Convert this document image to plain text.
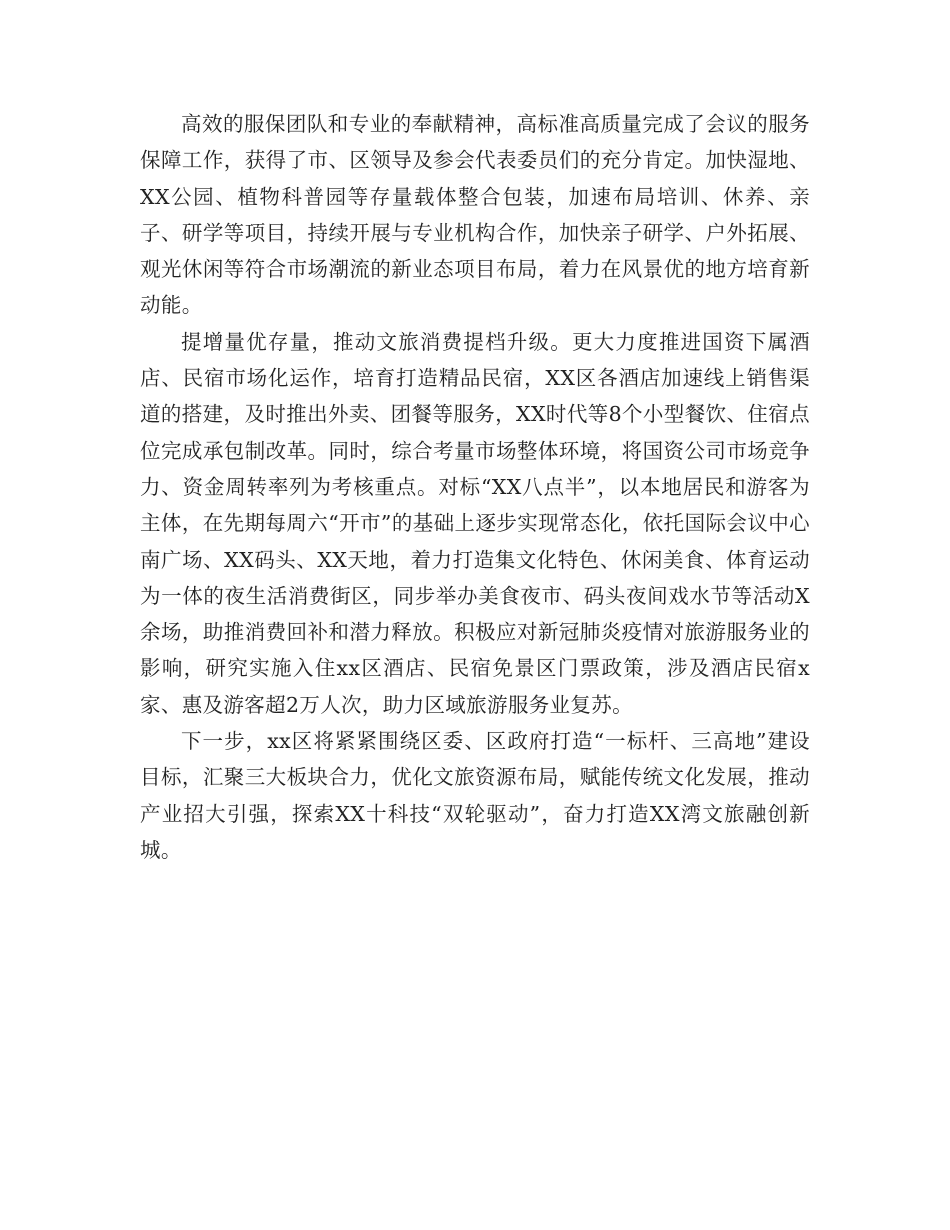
高效的服保团队和专业的奉献精神，高标准高质量完成了会议的服务保障工作，获得了市、区领导及参会代表委员们的充分肯定。加快湿地、XX公园、植物科普园等存量载体整合包装，加速布局培训、休养、亲子、研学等项目，持续开展与专业机构合作，加快亲子研学、户外拓展、观光休闲等符合市场潮流的新业态项目布局，着力在风景优的地方培育新动能。

提增量优存量，推动文旅消费提档升级。更大力度推进国资下属酒店、民宿市场化运作，培育打造精品民宿，XX区各酒店加速线上销售渠道的搭建，及时推出外卖、团餐等服务，XX时代等8个小型餐饮、住宿点位完成承包制改革。同时，综合考量市场整体环境，将国资公司市场竞争力、资金周转率列为考核重点。对标“XX八点半”，以本地居民和游客为主体，在先期每周六“开市”的基础上逐步实现常态化，依托国际会议中心南广场、XX码头、XX天地，着力打造集文化特色、休闲美食、体育运动为一体的夜生活消费街区，同步举办美食夜市、码头夜间戏水节等活动X余场，助推消费回补和潜力释放。积极应对新冠肺炎疫情对旅游服务业的影响，研究实施入住xx区酒店、民宿免景区门票政策，涉及酒店民宿x家、惠及游客超2万人次，助力区域旅游服务业复苏。

下一步，xx区将紧紧围绕区委、区政府打造“一标杆、三高地”建设目标，汇聚三大板块合力，优化文旅资源布局，赋能传统文化发展，推动产业招大引强，探索XX十科技“双轮驱动”，奋力打造XX湾文旅融创新城。
